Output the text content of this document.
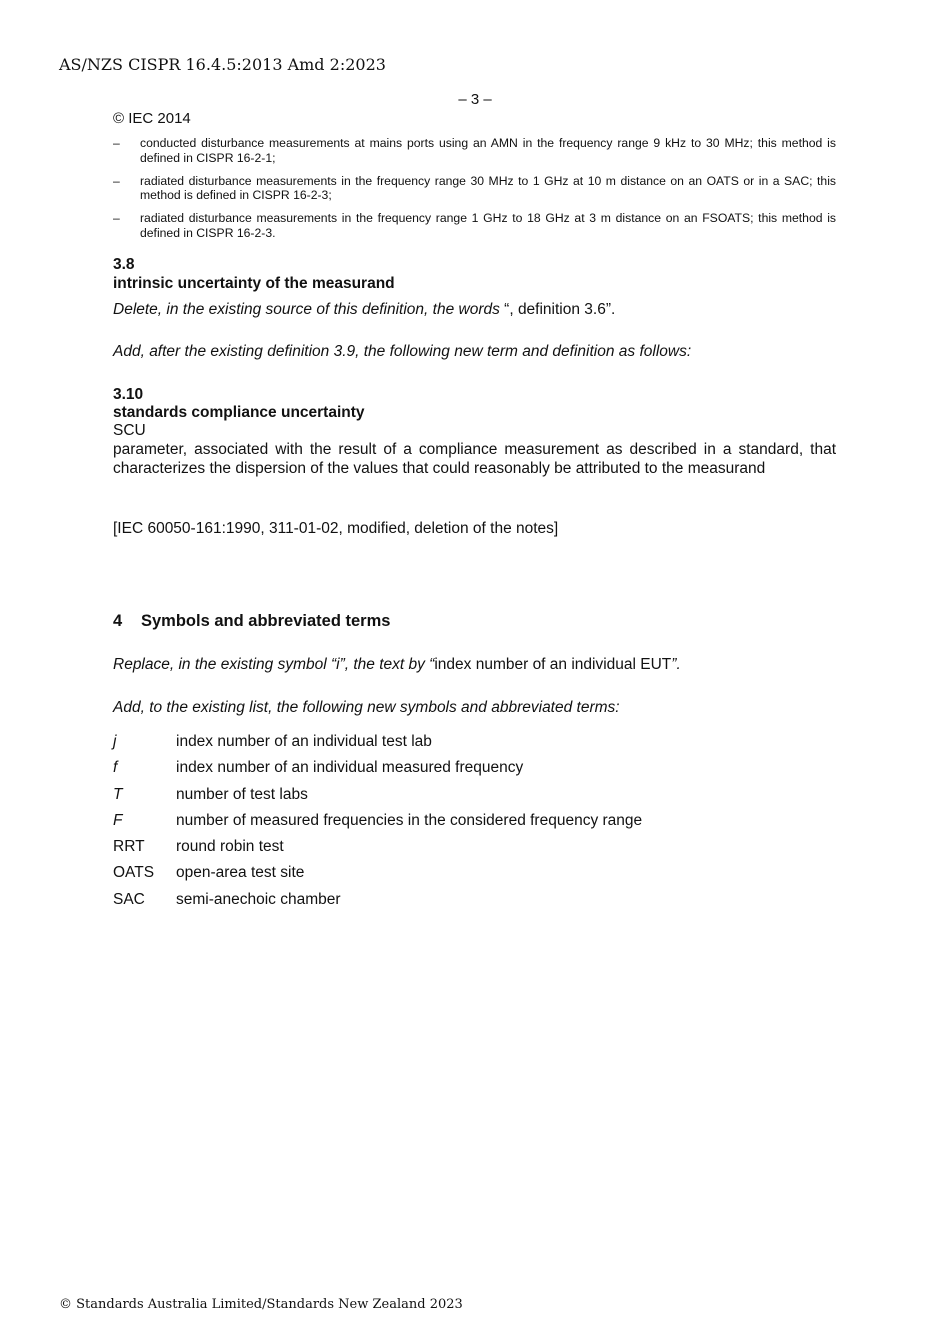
AS/NZS CISPR 16.4.5:2013 Amd 2:2023
– 3 –
© IEC 2014
–	conducted disturbance measurements at mains ports using an AMN in the frequency range 9 kHz to 30 MHz; this method is defined in CISPR 16-2-1;
–	radiated disturbance measurements in the frequency range 30 MHz to 1 GHz at 10 m distance on an OATS or in a SAC; this method is defined in CISPR 16-2-3;
–	radiated disturbance measurements in the frequency range 1 GHz to 18 GHz at 3 m distance on an FSOATS; this method is defined in CISPR 16-2-3.
3.8
intrinsic uncertainty of the measurand
Delete, in the existing source of this definition, the words “, definition 3.6”.
Add, after the existing definition 3.9, the following new term and definition as follows:
3.10
standards compliance uncertainty
SCU
parameter, associated with the result of a compliance measurement as described in a standard, that characterizes the dispersion of the values that could reasonably be attributed to the measurand
[IEC 60050-161:1990, 311-01-02, modified, deletion of the notes]
4 Symbols and abbreviated terms
Replace, in the existing symbol “i”, the text by “index number of an individual EUT”.
Add, to the existing list, the following new symbols and abbreviated terms:
j	index number of an individual test lab
f	index number of an individual measured frequency
T	number of test labs
F	number of measured frequencies in the considered frequency range
RRT	round robin test
OATS	open-area test site
SAC	semi-anechoic chamber
© Standards Australia Limited/Standards New Zealand 2023
